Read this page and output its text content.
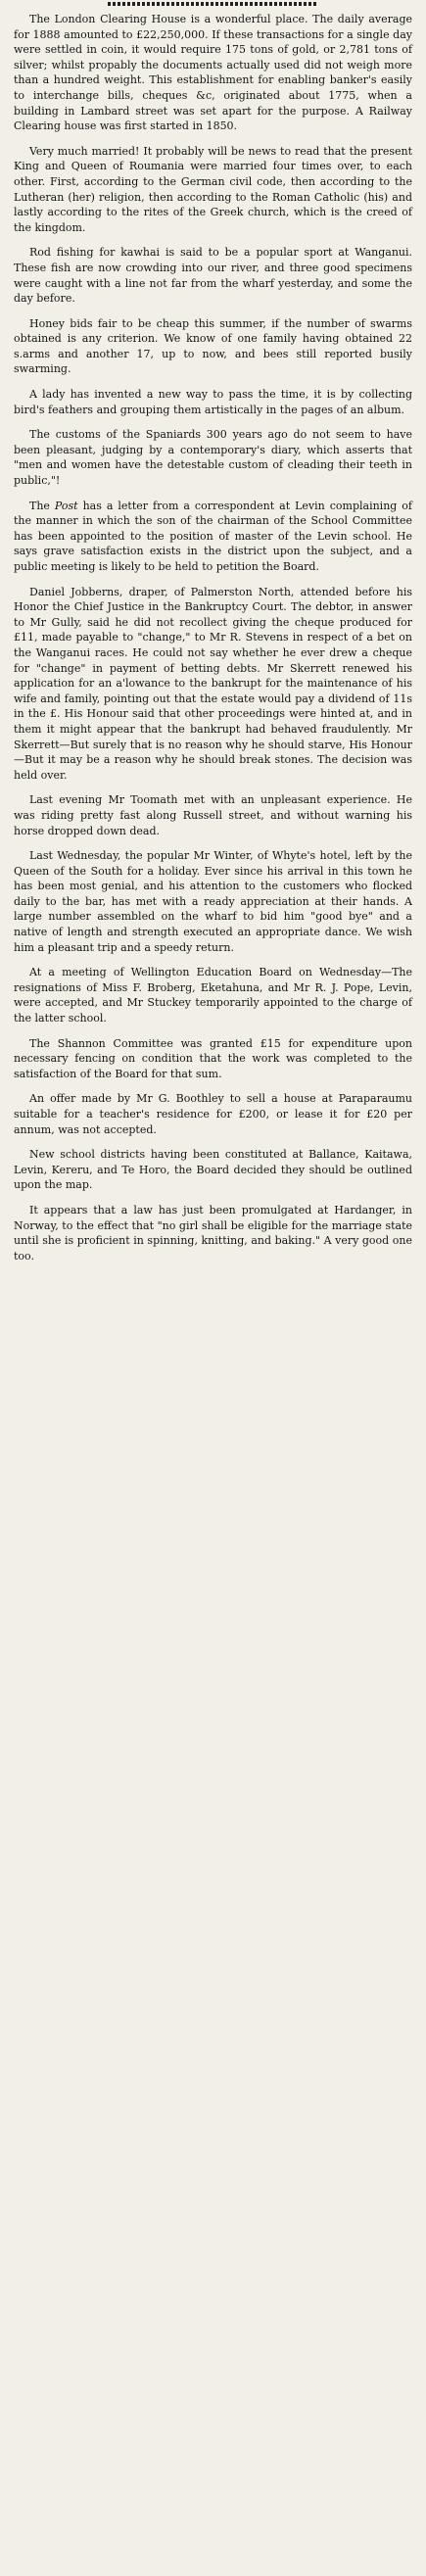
The London Clearing House is a wonderful place. The daily average for 1888 amounted to £22,250,000. If these transactions for a single day were settled in coin, it would require 175 tons of gold, or 2,781 tons of silver; whilst propably the documents actually used did not weigh more than a hundred weight. This establishment for enabling banker's easily to interchange bills, cheques &c, originated about 1775, when a building in Lambard street was set apart for the purpose. A Railway Clearing house was first started in 1850.

Very much married! It probably will be news to read that the present King and Queen of Roumania were married four times over, to each other. First, according to the German civil code, then according to the Lutheran (her) religion, then according to the Roman Catholic (his) and lastly according to the rites of the Greek church, which is the creed of the kingdom.

Rod fishing for kawhai is said to be a popular sport at Wanganui. These fish are now crowding into our river, and three good specimens were caught with a line not far from the wharf yesterday, and some the day before.

Honey bids fair to be cheap this summer, if the number of swarms obtained is any criterion. We know of one family having obtained 22 s.arms and another 17, up to now, and bees still reported busily swarming.

A lady has invented a new way to pass the time, it is by collecting bird's feathers and grouping them artistically in the pages of an album.

The customs of the Spaniards 300 years ago do not seem to have been pleasant, judging by a contemporary's diary, which asserts that "men and women have the detestable custom of cleading their teeth in public,"!

The Post has a letter from a correspondent at Levin complaining of the manner in which the son of the chairman of the School Committee has been appointed to the position of master of the Levin school. He says grave satisfaction exists in the district upon the subject, and a public meeting is likely to be held to petition the Board.

Daniel Jobberns, draper, of Palmerston North, attended before his Honor the Chief Justice in the Bankruptcy Court. The debtor, in answer to Mr Gully, said he did not recollect giving the cheque produced for £11, made payable to "change," to Mr R. Stevens in respect of a bet on the Wanganui races. He could not say whether he ever drew a cheque for "change" in payment of betting debts. Mr Skerrett renewed his application for an a'lowance to the bankrupt for the maintenance of his wife and family, pointing out that the estate would pay a dividend of 11s in the £. His Honour said that other proceedings were hinted at, and in them it might appear that the bankrupt had behaved fraudulently. Mr Skerrett—But surely that is no reason why he should starve, His Honour—But it may be a reason why he should break stones. The decision was held over.

Last evening Mr Toomath met with an unpleasant experience. He was riding pretty fast along Russell street, and without warning his horse dropped down dead.

Last Wednesday, the popular Mr Winter, of Whyte's hotel, left by the Queen of the South for a holiday. Ever since his arrival in this town he has been most genial, and his attention to the customers who flocked daily to the bar, has met with a ready appreciation at their hands. A large number assembled on the wharf to bid him "good bye" and a native of length and strength executed an appropriate dance. We wish him a pleasant trip and a speedy return.

At a meeting of Wellington Education Board on Wednesday—The resignations of Miss F. Broberg, Eketahuna, and Mr R. J. Pope, Levin, were accepted, and Mr Stuckey temporarily appointed to the charge of the latter school.

The Shannon Committee was granted £15 for expenditure upon necessary fencing on condition that the work was completed to the satisfaction of the Board for that sum.

An offer made by Mr G. Boothley to sell a house at Paraparaumu suitable for a teacher's residence for £200, or lease it for £20 per annum, was not accepted.

New school districts having been constituted at Ballance, Kaitawa, Levin, Kereru, and Te Horo, the Board decided they should be outlined upon the map.

It appears that a law has just been promulgated at Hardanger, in Norway, to the effect that "no girl shall be eligible for the marriage state until she is proficient in spinning, knitting, and baking." A very good one too.
